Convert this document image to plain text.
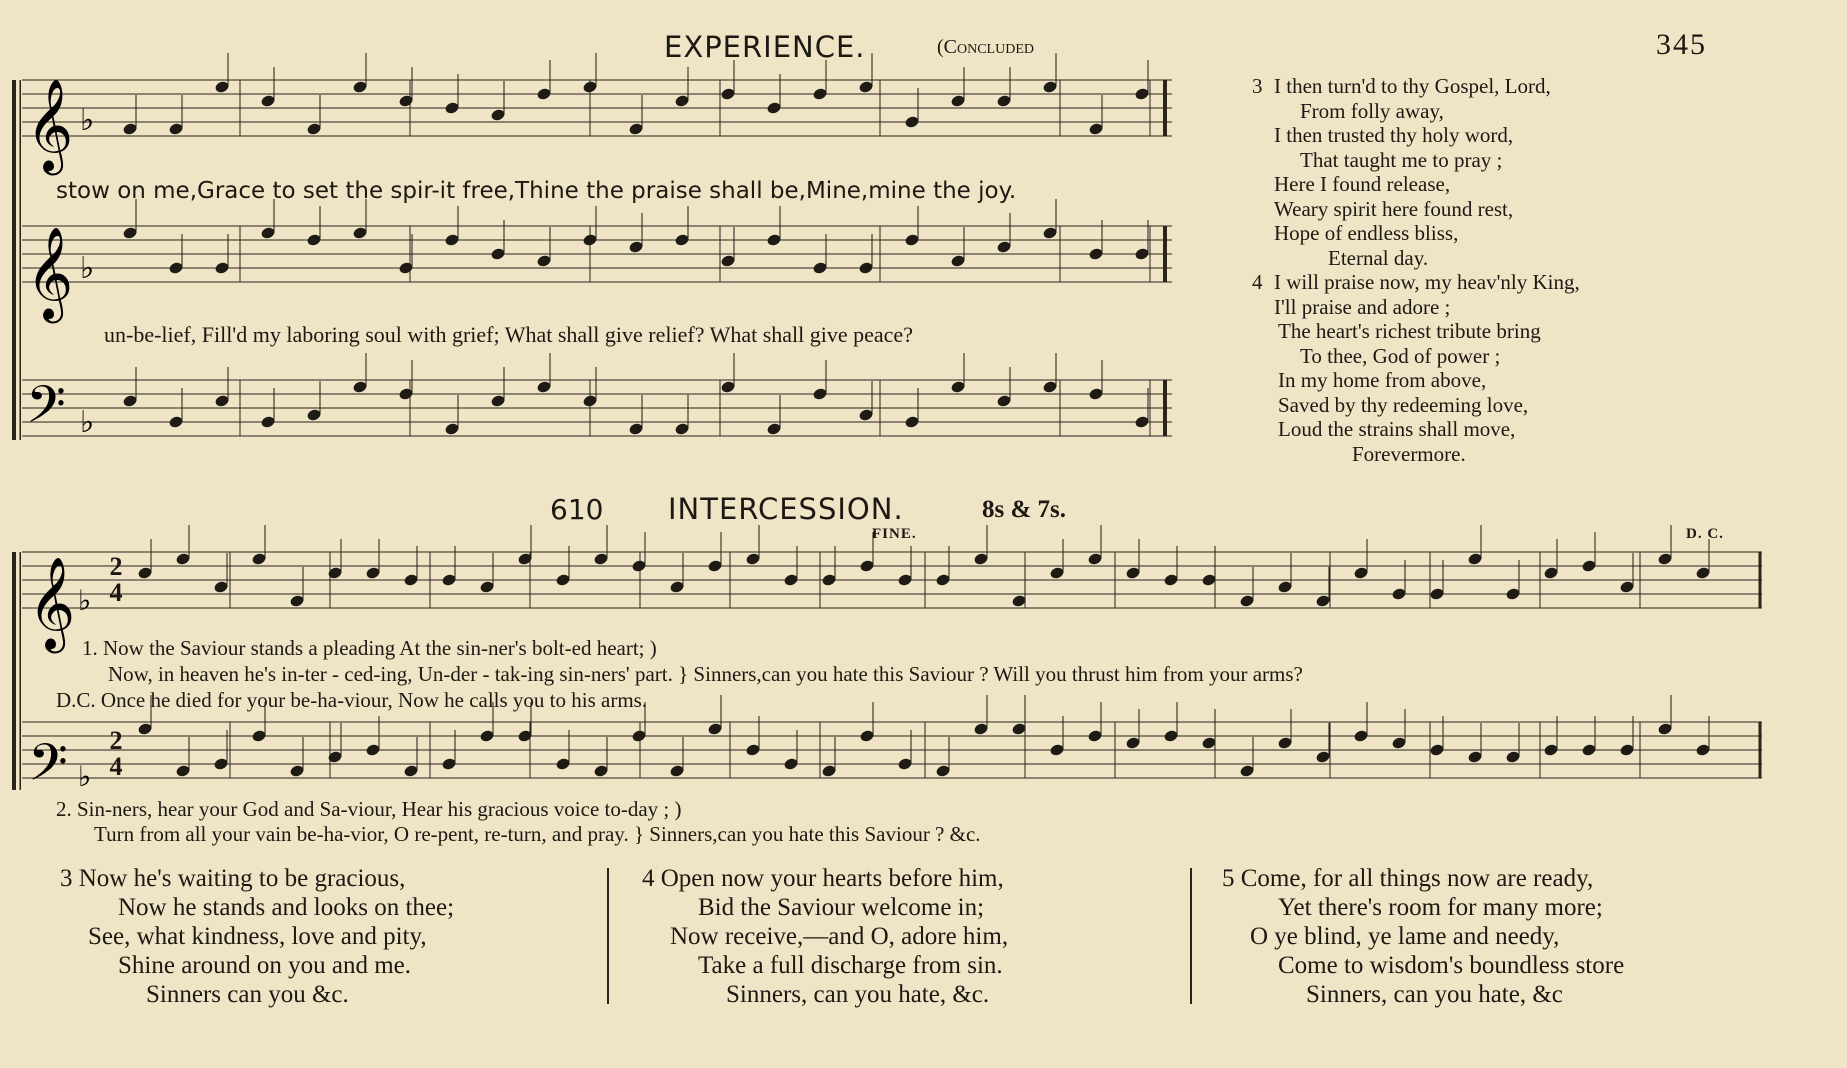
EXPERIENCE.	(Concluded	345
𝄞
𝄞
𝄢
♭
♭
♭
𝄞
𝄢
♭
♭
2
4
2
4
stow on me,Grace to set the spir-it free,Thine the praise shall be,Mine,mine the joy.
un-be-lief, Fill'd my laboring soul with grief; What shall give relief? What shall give peace?
3 I then turn'd to thy Gospel, Lord,
From folly away,
I then trusted thy holy word,
That taught me to pray ;
Here I found release,
Weary spirit here found rest,
Hope of endless bliss,
Eternal day.
4 I will praise now, my heav'nly King,
I'll praise and adore ;
The heart's richest tribute bring
To thee, God of power ;
In my home from above,
Saved by thy redeeming love,
Loud the strains shall move,
Forevermore.
610 INTERCESSION.	8s & 7s.
FINE.	D. C.
1. Now the Saviour stands a pleading At the sin-ner's bolt-ed heart; )
Now, in heaven he's in-ter - ced-ing, Un-der - tak-ing sin-ners' part. } Sinners,can you hate this Saviour ? Will you thrust him from your arms?
D.C. Once he died for your be-ha-viour, Now he calls you to his arms.
2. Sin-ners, hear your God and Sa-viour, Hear his gracious voice to-day ; )
Turn from all your vain be-ha-vior, O re-pent, re-turn, and pray. } Sinners,can you hate this Saviour ? &c.
3 Now he's waiting to be gracious,
Now he stands and looks on thee;
See, what kindness, love and pity,
Shine around on you and me.
Sinners can you &c.
4 Open now your hearts before him,
Bid the Saviour welcome in;
Now receive,—and O, adore him,
Take a full discharge from sin.
Sinners, can you hate, &c.
5 Come, for all things now are ready,
Yet there's room for many more;
O ye blind, ye lame and needy,
Come to wisdom's boundless store
Sinners, can you hate, &c
